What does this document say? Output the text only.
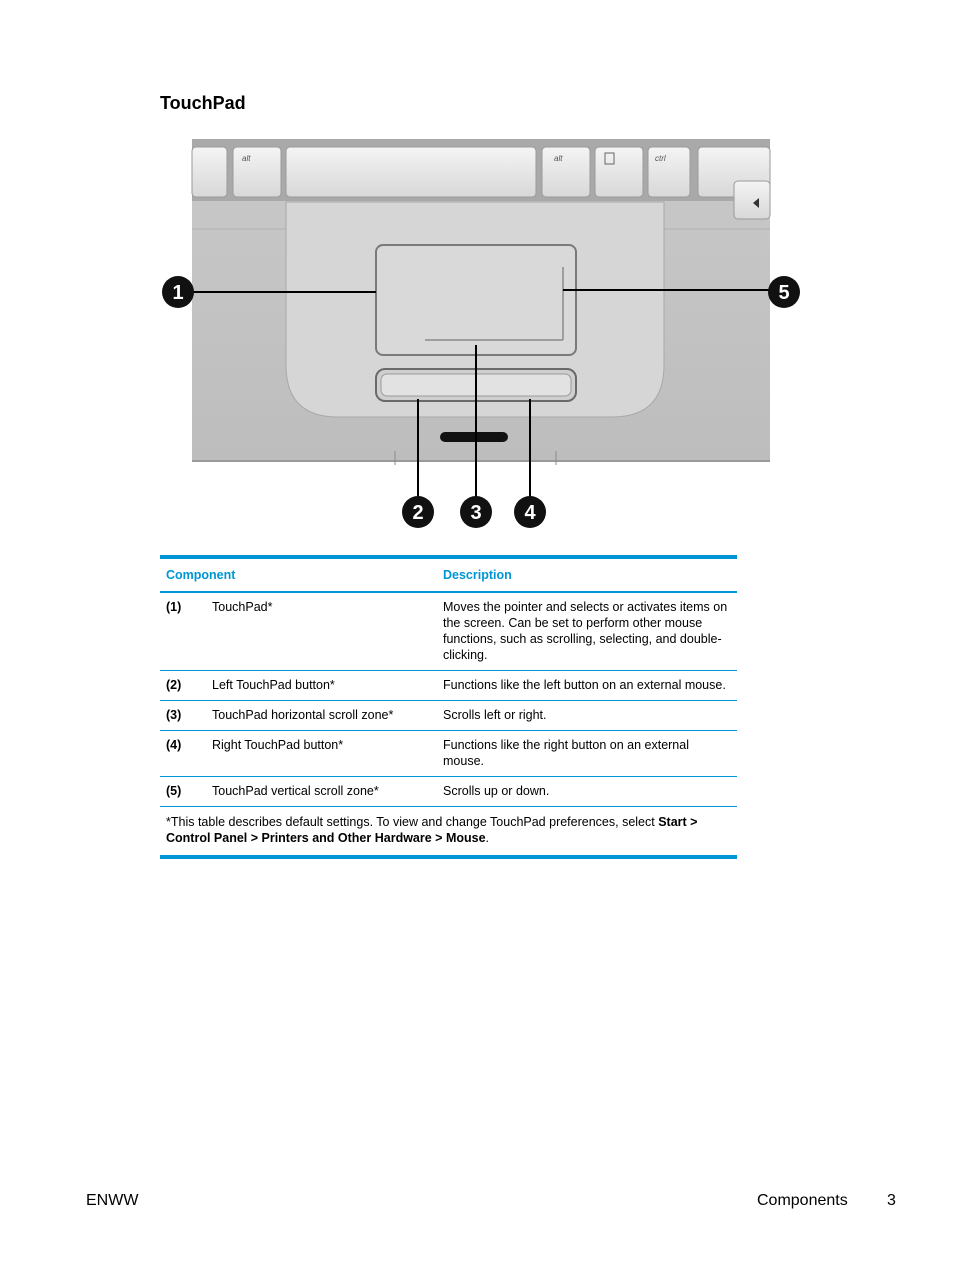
TouchPad
alt	alt	ctrl
1
2 3 4
5
Component		Description
(1)	TouchPad*	Moves the pointer and selects or activates items on the screen. Can be set to perform other mouse functions, such as scrolling, selecting, and double-clicking.
(2)	Left TouchPad button*	Functions like the left button on an external mouse.
(3)	TouchPad horizontal scroll zone*	Scrolls left or right.
(4)	Right TouchPad button*	Functions like the right button on an external mouse.
(5)	TouchPad vertical scroll zone*	Scrolls up or down.
*This table describes default settings. To view and change TouchPad preferences, select Start > Control Panel > Printers and Other Hardware > Mouse.		
ENWW	Components 3
